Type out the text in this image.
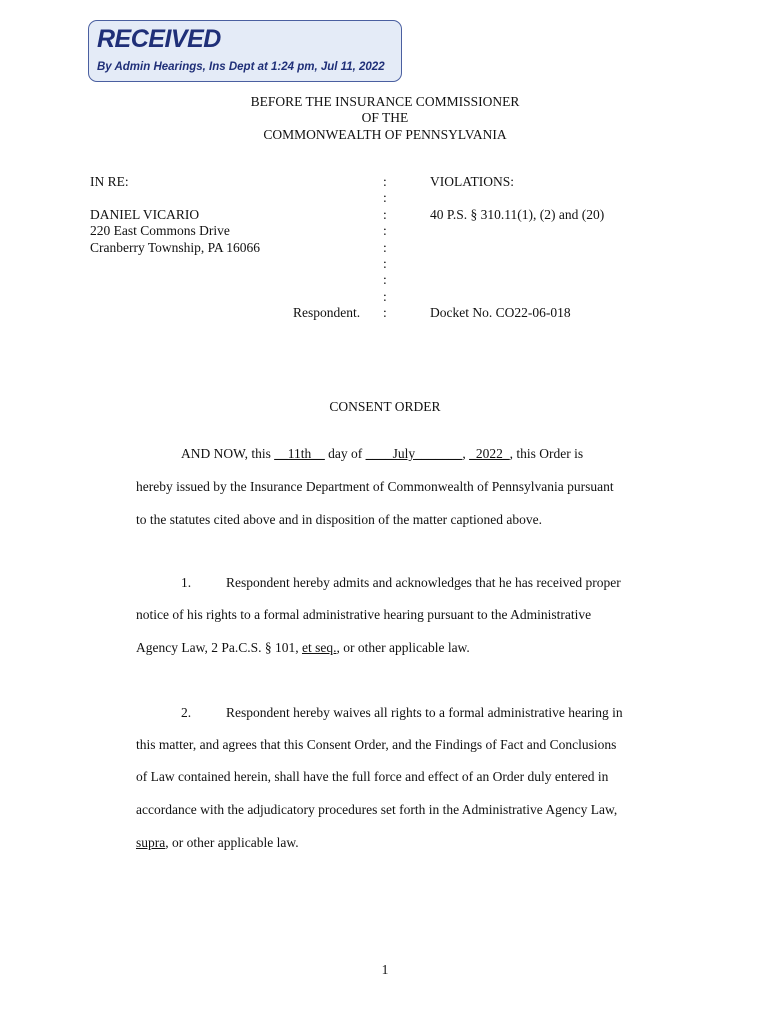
RECEIVED
By Admin Hearings, Ins Dept at 1:24 pm, Jul 11, 2022
BEFORE THE INSURANCE COMMISSIONER
OF THE
COMMONWEALTH OF PENNSYLVANIA
IN RE:
DANIEL VICARIO
220 East Commons Drive
Cranberry Township, PA 16066
Respondent.
:
:
:
:
:
:
:
:
:
VIOLATIONS:
40 P.S. § 310.11(1), (2) and (20)
Docket No. CO22-06-018
CONSENT ORDER
AND NOW, this __11th__ day of ____July_______, _2022_, this Order is
hereby issued by the Insurance Department of Commonwealth of Pennsylvania pursuant
to the statutes cited above and in disposition of the matter captioned above.
1.	Respondent hereby admits and acknowledges that he has received proper
notice of his rights to a formal administrative hearing pursuant to the Administrative
Agency Law, 2 Pa.C.S. § 101, et seq., or other applicable law.
2.	Respondent hereby waives all rights to a formal administrative hearing in
this matter, and agrees that this Consent Order, and the Findings of Fact and Conclusions
of Law contained herein, shall have the full force and effect of an Order duly entered in
accordance with the adjudicatory procedures set forth in the Administrative Agency Law,
supra, or other applicable law.
1
